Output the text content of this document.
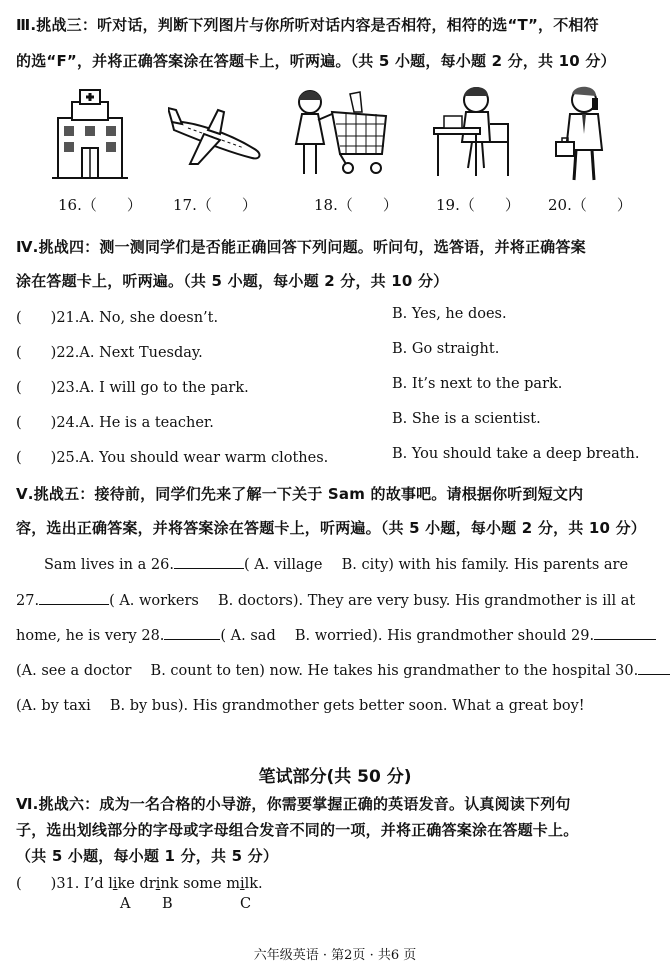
Ⅲ.挑战三：听对话，判断下列图片与你所听对话内容是否相符，相符的选“T”，不相符
的选“F”，并将正确答案涂在答题卡上，听两遍。（共 5 小题，每小题 2 分，共 10 分）
16.（　　） 17.（　　）	18.（　　）	19.（　　） 20.（　　）
Ⅳ.挑战四：测一测同学们是否能正确回答下列问题。听问句，选答语，并将正确答案
涂在答题卡上，听两遍。（共 5 小题，每小题 2 分，共 10 分）
(　　)21.A. No, she doesn’t.	B. Yes, he does.
(　　)22.A. Next Tuesday.	B. Go straight.
(　　)23.A. I will go to the park.	B. It’s next to the park.
(　　)24.A. He is a teacher.	B. She is a scientist.
(　　)25.A. You should wear warm clothes.	B. You should take a deep breath.
Ⅴ.挑战五：接待前，同学们先来了解一下关于 Sam 的故事吧。请根据你听到短文内
容，选出正确答案，并将答案涂在答题卡上，听两遍。（共 5 小题，每小题 2 分，共 10 分）
Sam lives in a 26.	( A. village　 B. city) with his family. His parents are
27.	( A. workers　 B. doctors). They are very busy. His grandmother is ill at
home, he is very 28.	( A. sad　 B. worried). His grandmother should 29.
(A. see a doctor　 B. count to ten) now. He takes his grandmather to the hospital 30.
(A. by taxi　 B. by bus). His grandmother gets better soon. What a great boy!
笔试部分(共 50 分)
Ⅵ.挑战六：成为一名合格的小导游，你需要掌握正确的英语发音。认真阅读下列句
子，选出划线部分的字母或字母组合发音不同的一项，并将正确答案涂在答题卡上。
（共 5 小题，每小题 1 分，共 5 分）
(　　)31. I’d like drink some milk.
A B	C
六年级英语 · 第2页 · 共6 页
